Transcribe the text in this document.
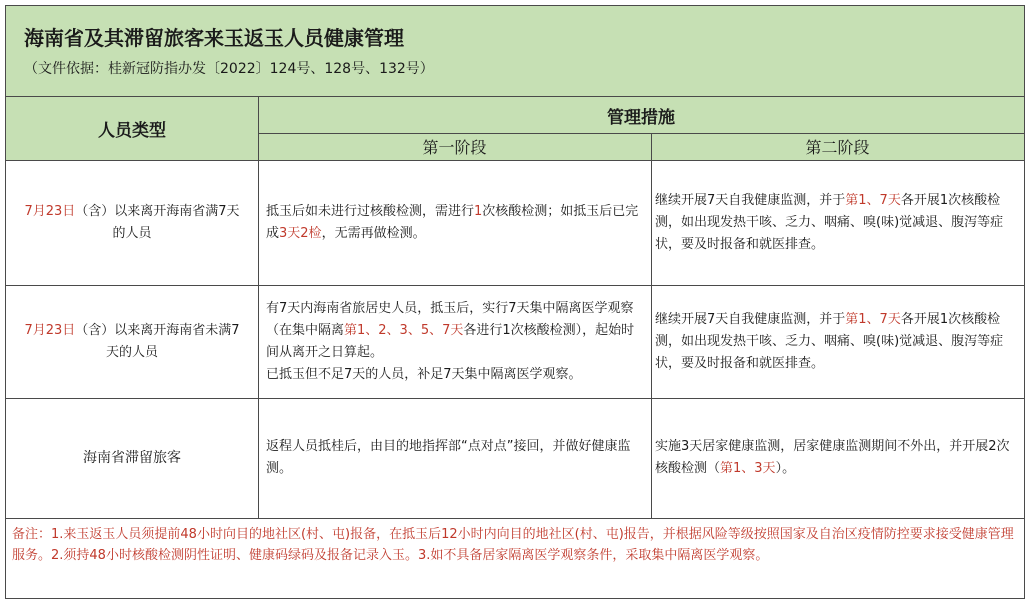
海南省及其滞留旅客来玉返玉人员健康管理
（文件依据：桂新冠防指办发〔2022〕124号、128号、132号）
人员类型
管理措施
第一阶段	第二阶段
7月23日（含）以来离开海南省满7天的人员
抵玉后如未进行过核酸检测，需进行1次核酸检测；如抵玉后已完成3天2检，无需再做检测。
继续开展7天自我健康监测，并于第1、7天各开展1次核酸检测，如出现发热干咳、乏力、咽痛、嗅(味)觉减退、腹泻等症状，要及时报备和就医排查。
7月23日（含）以来离开海南省未满7天的人员
有7天内海南省旅居史人员，抵玉后，实行7天集中隔离医学观察（在集中隔离第1、2、3、5、7天各进行1次核酸检测），起始时间从离开之日算起。
已抵玉但不足7天的人员，补足7天集中隔离医学观察。
继续开展7天自我健康监测，并于第1、7天各开展1次核酸检测，如出现发热干咳、乏力、咽痛、嗅(味)觉减退、腹泻等症状，要及时报备和就医排查。
海南省滞留旅客
返程人员抵桂后，由目的地指挥部“点对点”接回，并做好健康监测。
实施3天居家健康监测，居家健康监测期间不外出，并开展2次核酸检测（第1、3天）。
备注：1.来玉返玉人员须提前48小时向目的地社区(村、屯)报备，在抵玉后12小时内向目的地社区(村、屯)报告，并根据风险等级按照国家及自治区疫情防控要求接受健康管理服务。2.须持48小时核酸检测阴性证明、健康码绿码及报备记录入玉。3.如不具备居家隔离医学观察条件，采取集中隔离医学观察。
